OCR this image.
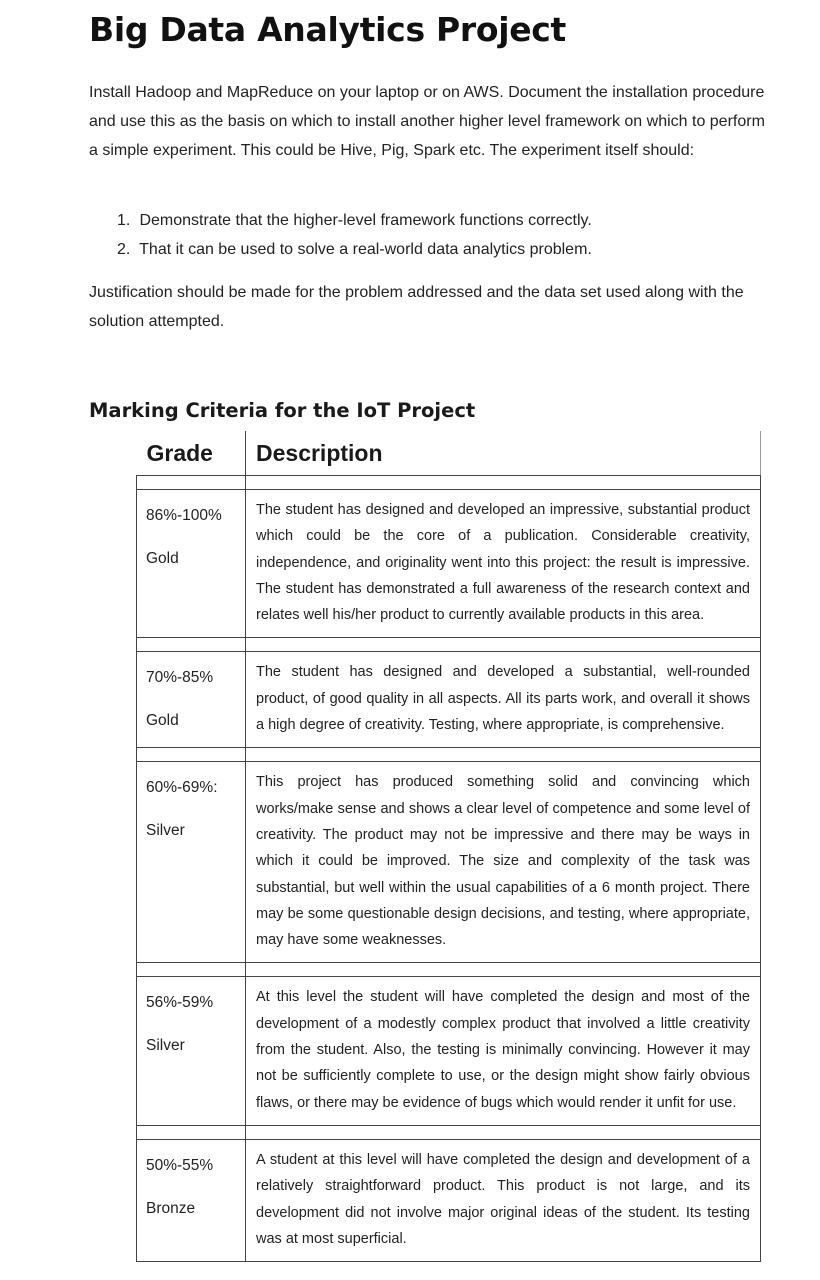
Big Data Analytics Project

Install Hadoop and MapReduce on your laptop or on AWS. Document the installation procedure and use this as the basis on which to install another higher level framework on which to perform a simple experiment. This could be Hive, Pig, Spark etc. The experiment itself should:

1. Demonstrate that the higher-level framework functions correctly.
2. That it can be used to solve a real-world data analytics problem.

Justification should be made for the problem addressed and the data set used along with the solution attempted.

Marking Criteria for the IoT Project
Grade	Description

86%-100%
Gold	The student has designed and developed an impressive, substantial product which could be the core of a publication. Considerable creativity, independence, and originality went into this project: the result is impressive. The student has demonstrated a full awareness of the research context and relates well his/her product to currently available products in this area.

70%-85%
Gold	The student has designed and developed a substantial, well-rounded product, of good quality in all aspects. All its parts work, and overall it shows a high degree of creativity. Testing, where appropriate, is comprehensive.

60%-69%:
Silver	This project has produced something solid and convincing which works/make sense and shows a clear level of competence and some level of creativity. The product may not be impressive and there may be ways in which it could be improved. The size and complexity of the task was substantial, but well within the usual capabilities of a 6 month project. There may be some questionable design decisions, and testing, where appropriate, may have some weaknesses.

56%-59%
Silver	At this level the student will have completed the design and most of the development of a modestly complex product that involved a little creativity from the student. Also, the testing is minimally convincing. However it may not be sufficiently complete to use, or the design might show fairly obvious flaws, or there may be evidence of bugs which would render it unfit for use.

50%-55%
Bronze	A student at this level will have completed the design and development of a relatively straightforward product. This product is not large, and its development did not involve major original ideas of the student. Its testing was at most superficial.
